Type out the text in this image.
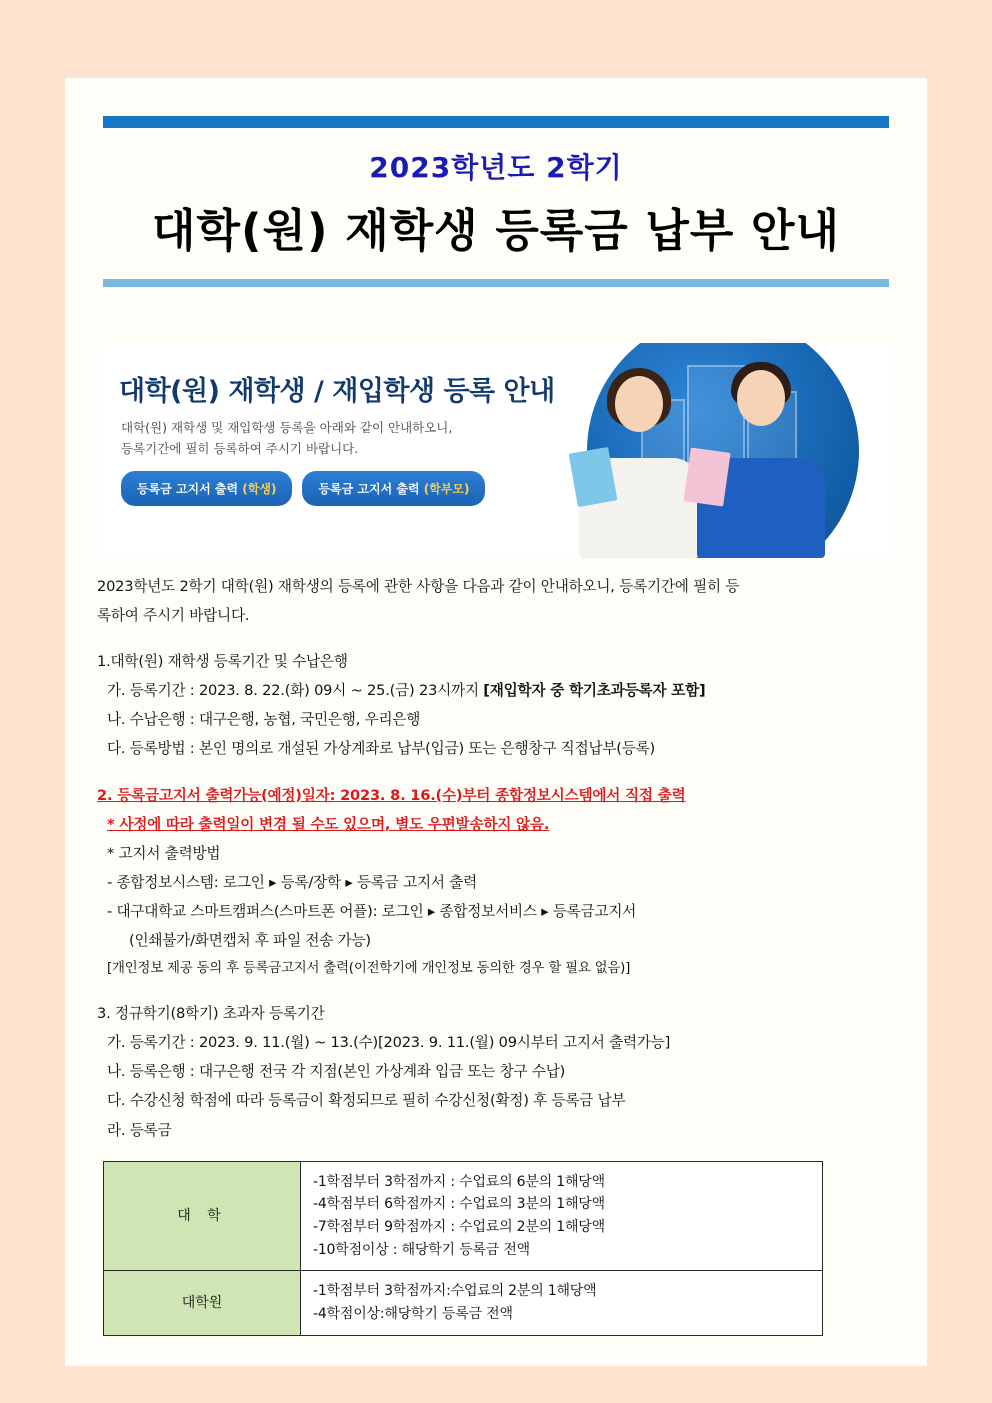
2023학년도 2학기
대학(원) 재학생 등록금 납부 안내
대학(원) 재학생 / 재입학생 등록 안내
대학(원) 재학생 및 재입학생 등록을 아래와 같이 안내하오니,
등록기간에 필히 등록하여 주시기 바랍니다.
등록금 고지서 출력 (학생)	등록금 고지서 출력 (학부모)

2023학년도 2학기 대학(원) 재학생의 등록에 관한 사항을 다음과 같이 안내하오니, 등록기간에 필히 등

록하여 주시기 바랍니다.

1.대학(원) 재학생 등록기간 및 수납은행

가. 등록기간 : 2023. 8. 22.(화) 09시 ~ 25.(금) 23시까지 [재입학자 중 학기초과등록자 포함]

나. 수납은행 : 대구은행, 농협, 국민은행, 우리은행

다. 등록방법 : 본인 명의로 개설된 가상계좌로 납부(입금) 또는 은행창구 직접납부(등록)

2. 등록금고지서 출력가능(예정)일자: 2023. 8. 16.(수)부터 종합정보시스템에서 직접 출력

* 사정에 따라 출력일이 변경 될 수도 있으며, 별도 우편발송하지 않음.

* 고지서 출력방법

- 종합정보시스템: 로그인 ▸ 등록/장학 ▸ 등록금 고지서 출력

- 대구대학교 스마트캠퍼스(스마트폰 어플): 로그인 ▸ 종합정보서비스 ▸ 등록금고지서

(인쇄불가/화면캡처 후 파일 전송 가능)

[개인정보 제공 동의 후 등록금고지서 출력(이전학기에 개인정보 동의한 경우 할 필요 없음)]

3. 정규학기(8학기) 초과자 등록기간

가. 등록기간 : 2023. 9. 11.(월) ~ 13.(수)[2023. 9. 11.(월) 09시부터 고지서 출력가능]

나. 등록은행 : 대구은행 전국 각 지점(본인 가상계좌 입금 또는 창구 수납)

다. 수강신청 학점에 따라 등록금이 확정되므로 필히 수강신청(확정) 후 등록금 납부

라. 등록금

대 학	-1학점부터 3학점까지 : 수업료의 6분의 1해당액
-4학점부터 6학점까지 : 수업료의 3분의 1해당액
-7학점부터 9학점까지 : 수업료의 2분의 1해당액
-10학점이상 : 해당학기 등록금 전액

대학원	-1학점부터 3학점까지:수업료의 2분의 1해당액
-4학점이상:해당학기 등록금 전액
